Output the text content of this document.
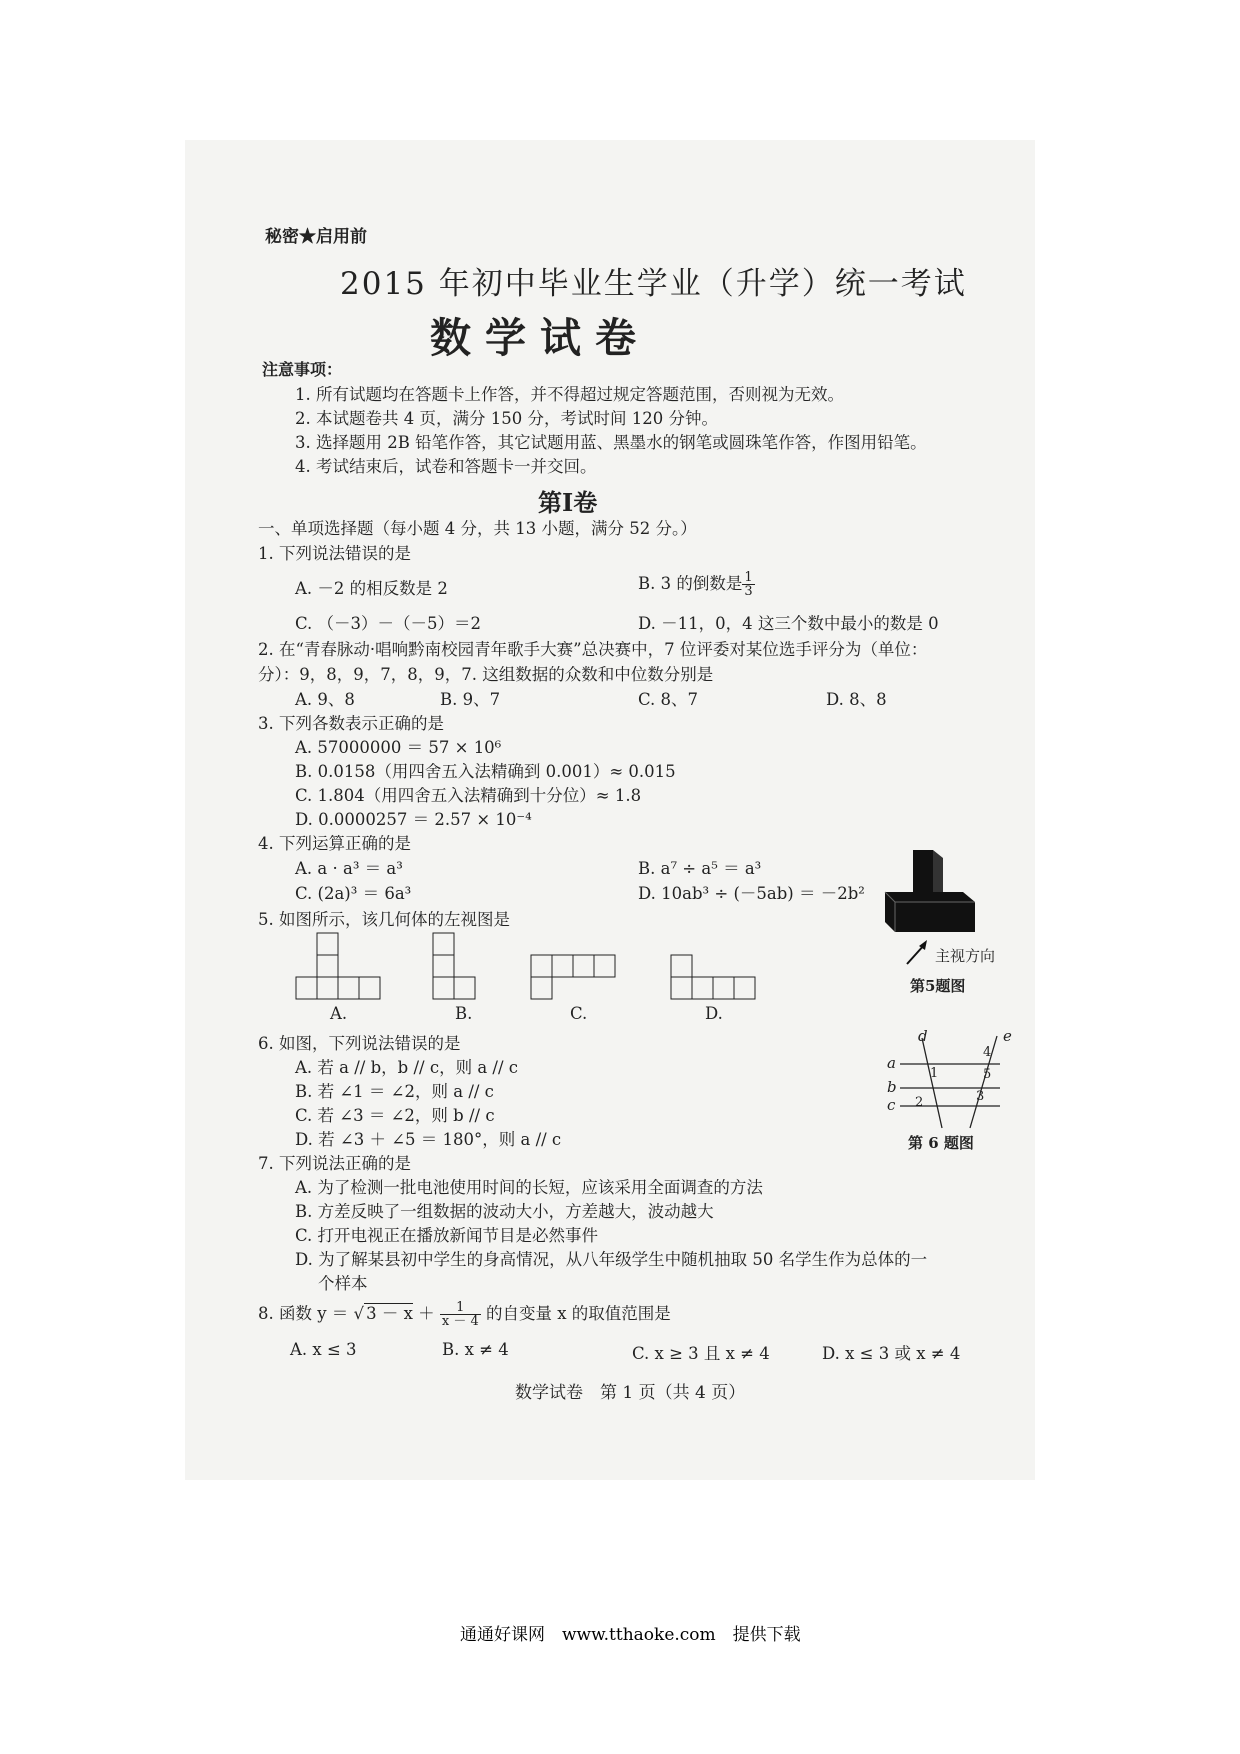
秘密★启用前
2015 年初中毕业生学业（升学）统一考试
数学试卷
注意事项：
1. 所有试题均在答题卡上作答，并不得超过规定答题范围，否则视为无效。
2. 本试题卷共 4 页，满分 150 分，考试时间 120 分钟。
3. 选择题用 2B 铅笔作答，其它试题用蓝、黑墨水的钢笔或圆珠笔作答，作图用铅笔。
4. 考试结束后，试卷和答题卡一并交回。
第Ⅰ卷
一、单项选择题（每小题 4 分，共 13 小题，满分 52 分。）
1. 下列说法错误的是
A. －2 的相反数是 2	B. 3 的倒数是 $\frac{1}{3}$
C. （－3）－（－5）＝2	D. －11，0，4 这三个数中最小的数是 0
2. 在“青春脉动·唱响黔南校园青年歌手大赛”总决赛中，7 位评委对某位选手评分为（单位：
分）：9，8，9，7，8，9，7. 这组数据的众数和中位数分别是
A. 9、8	B. 9、7	C. 8、7	D. 8、8
3. 下列各数表示正确的是
A. 57000000 ＝ 57 × 10⁶
B. 0.0158（用四舍五入法精确到 0.001）≈ 0.015
C. 1.804（用四舍五入法精确到十分位）≈ 1.8
D. 0.0000257 ＝ 2.57 × 10⁻⁴
4. 下列运算正确的是
A. a · a³ ＝ a³	B. a⁷ ÷ a⁵ ＝ a³
C. (2a)³ ＝ 6a³	D. 10ab³ ÷ (－5ab) ＝ －2b²
主视方向
第5题图
5. 如图所示，该几何体的左视图是
A.	B.	C.	D.
6. 如图，下列说法错误的是
A. 若 a // b，b // c，则 a // c
B. 若 ∠1 ＝ ∠2，则 a // c
C. 若 ∠3 ＝ ∠2，则 b // c
D. 若 ∠3 ＋ ∠5 ＝ 180°，则 a // c
d	e
a
b
c
1
2	3
4
5
第 6 题图
7. 下列说法正确的是
A. 为了检测一批电池使用时间的长短，应该采用全面调查的方法
B. 方差反映了一组数据的波动大小，方差越大，波动越大
C. 打开电视正在播放新闻节目是必然事件
D. 为了解某县初中学生的身高情况，从八年级学生中随机抽取 50 名学生作为总体的一
个样本
8. 函数 y ＝ √ $3 - x + \frac{1}{x - 4}$ 的自变量 x 的取值范围是
A. x ≤ 3	B. x ≠ 4	C. x ≥ 3 且 x ≠ 4	D. x ≤ 3 或 x ≠ 4
数学试卷　第 1 页（共 4 页）
通通好课网　www.tthaoke.com　提供下载
